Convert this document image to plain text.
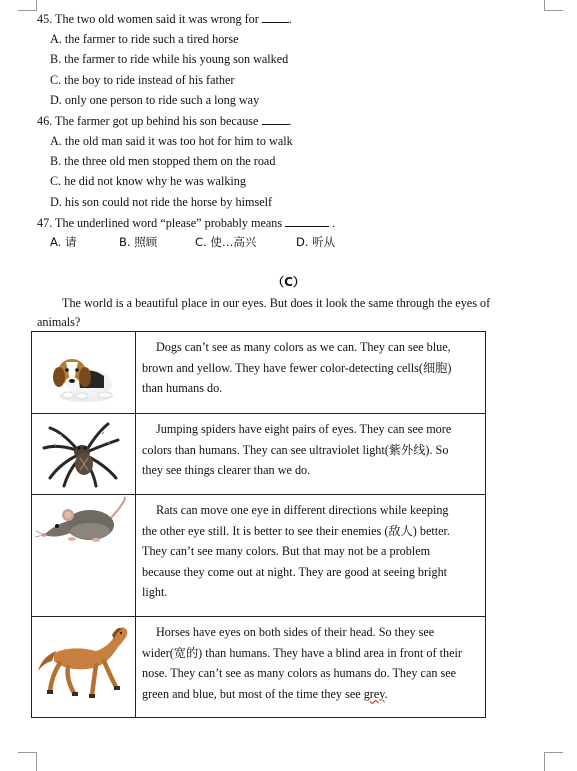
45. The two old women said it was wrong for .
A. the farmer to ride such a tired horse
B. the farmer to ride while his young son walked
C. the boy to ride instead of his father
D. only one person to ride such a long way
46. The farmer got up behind his son because .
A. the old man said it was too hot for him to walk
B. the three old men stopped them on the road
C. he did not know why he was walking
D. his son could not ride the horse by himself
47. The underlined word “please” probably means	.
A. 请	B. 照顾	C. 使…高兴	D. 听从
（C）
The world is a beautiful place in our eyes. But does it look the same through the eyes of
animals?

Dogs can’t see as many colors as we can. They can see blue,
brown and yellow. They have fewer color-detecting cells(细胞)
than humans do.

Jumping spiders have eight pairs of eyes. They can see more
colors than humans. They can see ultraviolet light(紫外线). So
they see things clearer than we do.

Rats can move one eye in different directions while keeping
the other eye still. It is better to see their enemies (敌人) better.
They can’t see many colors. But that may not be a problem
because they come out at night. They are good at seeing bright
light.

Horses have eyes on both sides of their head. So they see
wider(宽的) than humans. They have a blind area in front of their
nose. They can’t see as many colors as humans do. They can see
green and blue, but most of the time they see grey.
